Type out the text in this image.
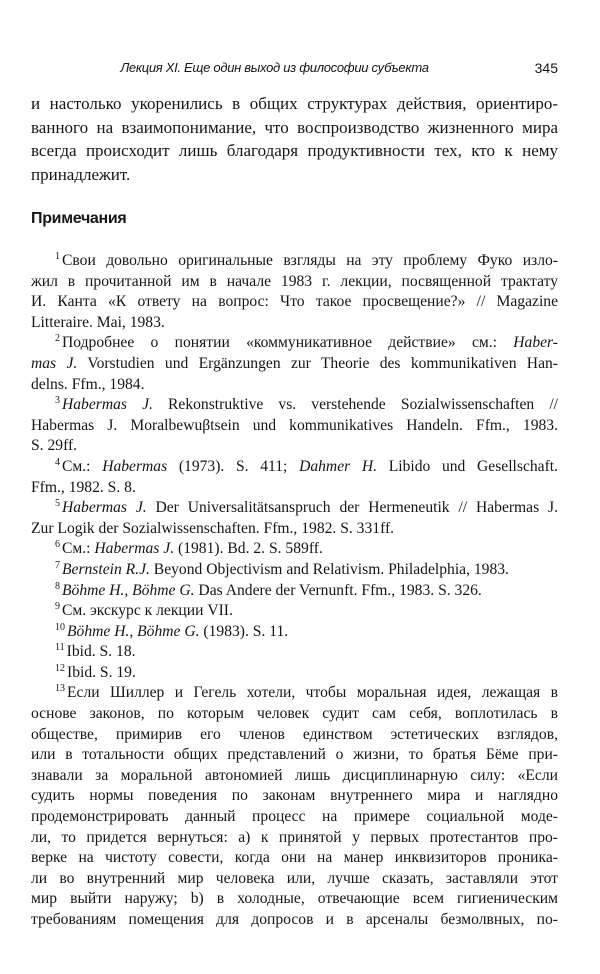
Лекция XI. Еще один выход из философии субъекта	345
и настолько укоренились в общих структурах действия, ориентиро-
ванного на взаимопонимание, что воспроизводство жизненного мира
всегда происходит лишь благодаря продуктивности тех, кто к нему
принадлежит.
Примечания
$^1$ Свои довольно оригинальные взгляды на эту проблему Фуко изло-
жил в прочитанной им в начале 1983 г. лекции, посвященной трактату
И. Канта «К ответу на вопрос: Что такое просвещение?» // Magazine
Litteraire. Mai, 1983.
$^2$ Подробнее о понятии «коммуникативное действие» см.: Haber-
mas J. Vorstudien und Ergänzungen zur Theorie des kommunikativen Han-
delns. Ffm., 1984.
$^3$ Habermas J. Rekonstruktive vs. verstehende Sozialwissenschaften //
Habermas J. Moralbewuβtsein und kommunikatives Handeln. Ffm., 1983.
S. 29ff.
$^4$ См.: Habermas (1973). S. 411; Dahmer H. Libido und Gesellschaft.
Ffm., 1982. S. 8.
$^5$ Habermas J. Der Universalitätsanspruch der Hermeneutik // Habermas J.
Zur Logik der Sozialwissenschaften. Ffm., 1982. S. 331ff.
$^6$ См.: Habermas J. (1981). Bd. 2. S. 589ff.
$^7$ Bernstein R.J. Beyond Objectivism and Relativism. Philadelphia, 1983.
$^8$ Böhme H., Böhme G. Das Andere der Vernunft. Ffm., 1983. S. 326.
$^9$ См. экскурс к лекции VII.
$^{10}$ Böhme H., Böhme G. (1983). S. 11.
$^{11}$ Ibid. S. 18.
$^{12}$ Ibid. S. 19.
$^{13}$ Если Шиллер и Гегель хотели, чтобы моральная идея, лежащая в
основе законов, по которым человек судит сам себя, воплотилась в
обществе, примирив его членов единством эстетических взглядов,
или в тотальности общих представлений о жизни, то братья Бёме при-
знавали за моральной автономией лишь дисциплинарную силу: «Если
судить нормы поведения по законам внутреннего мира и наглядно
продемонстрировать данный процесс на примере социальной моде-
ли, то придется вернуться: а) к принятой у первых протестантов про-
верке на чистоту совести, когда они на манер инквизиторов проника-
ли во внутренний мир человека или, лучше сказать, заставляли этот
мир выйти наружу; b) в холодные, отвечающие всем гигиеническим
требованиям помещения для допросов и в арсеналы безмолвных, по-
